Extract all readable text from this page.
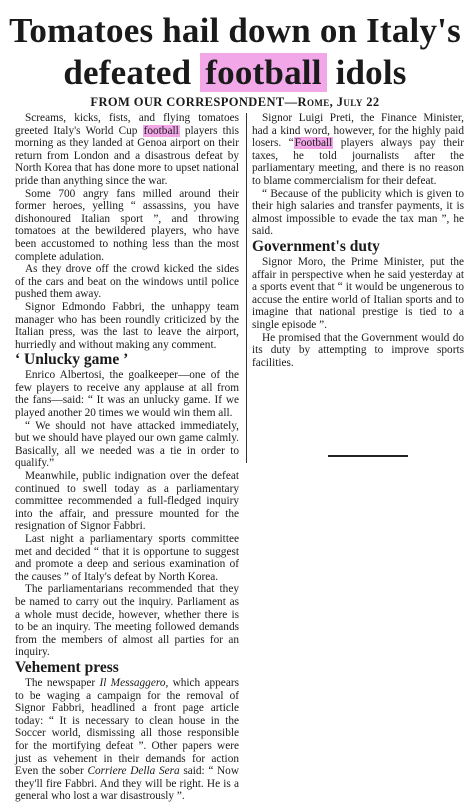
Tomatoes hail down on Italy's
defeated football idols
FROM OUR CORRESPONDENT—Rome, July 22

Screams, kicks, fists, and flying tomatoes greeted Italy's World Cup football players this morning as they landed at Genoa airport on their return from London and a disastrous defeat by North Korea that has done more to upset national pride than anything since the war.

Some 700 angry fans milled around their former heroes, yelling “ assassins, you have dishonoured Italian sport ”, and throwing tomatoes at the bewildered players, who have been accustomed to nothing less than the most complete adulation.

As they drove off the crowd kicked the sides of the cars and beat on the windows until police pushed them away.

Signor Edmondo Fabbri, the unhappy team manager who has been roundly criticized by the Italian press, was the last to leave the airport, hurriedly and without making any comment.

‘ Unlucky game ’

Enrico Albertosi, the goalkeeper—one of the few players to receive any applause at all from the fans—said: “ It was an unlucky game. If we played another 20 times we would win them all.

“ We should not have attacked immediately, but we should have played our own game calmly. Basically, all we needed was a tie in order to qualify.”

Meanwhile, public indignation over the defeat continued to swell today as a parliamentary committee recommended a full-fledged inquiry into the affair, and pressure mounted for the resignation of Signor Fabbri.

Last night a parliamentary sports committee met and decided “ that it is opportune to suggest and promote a deep and serious examination of the causes ” of Italy's defeat by North Korea.

The parliamentarians recommended that they be named to carry out the inquiry. Parliament as a whole must decide, however, whether there is to be an inquiry. The meeting followed demands from the members of almost all parties for an inquiry.

Vehement press

The newspaper Il Messaggero, which appears to be waging a campaign for the removal of Signor Fabbri, headlined a front page article today: “ It is necessary to clean house in the Soccer world, dismissing all those responsible for the mortifying defeat ”. Other papers were just as vehement in their demands for action Even the sober Corriere Della Sera said: “ Now they'll fire Fabbri. And they will be right. He is a general who lost a war disastrously ”.

Signor Luigi Preti, the Finance Minister, had a kind word, however, for the highly paid losers. “Football players always pay their taxes, he told journalists after the parliamentary meeting, and there is no reason to blame commercialism for their defeat.

“ Because of the publicity which is given to their high salaries and transfer payments, it is almost impossible to evade the tax man ”, he said.

Government's duty

Signor Moro, the Prime Minister, put the affair in perspective when he said yesterday at a sports event that “ it would be ungenerous to accuse the entire world of Italian sports and to imagine that national prestige is tied to a single episode ”.

He promised that the Government would do its duty by attempting to improve sports facilities.
